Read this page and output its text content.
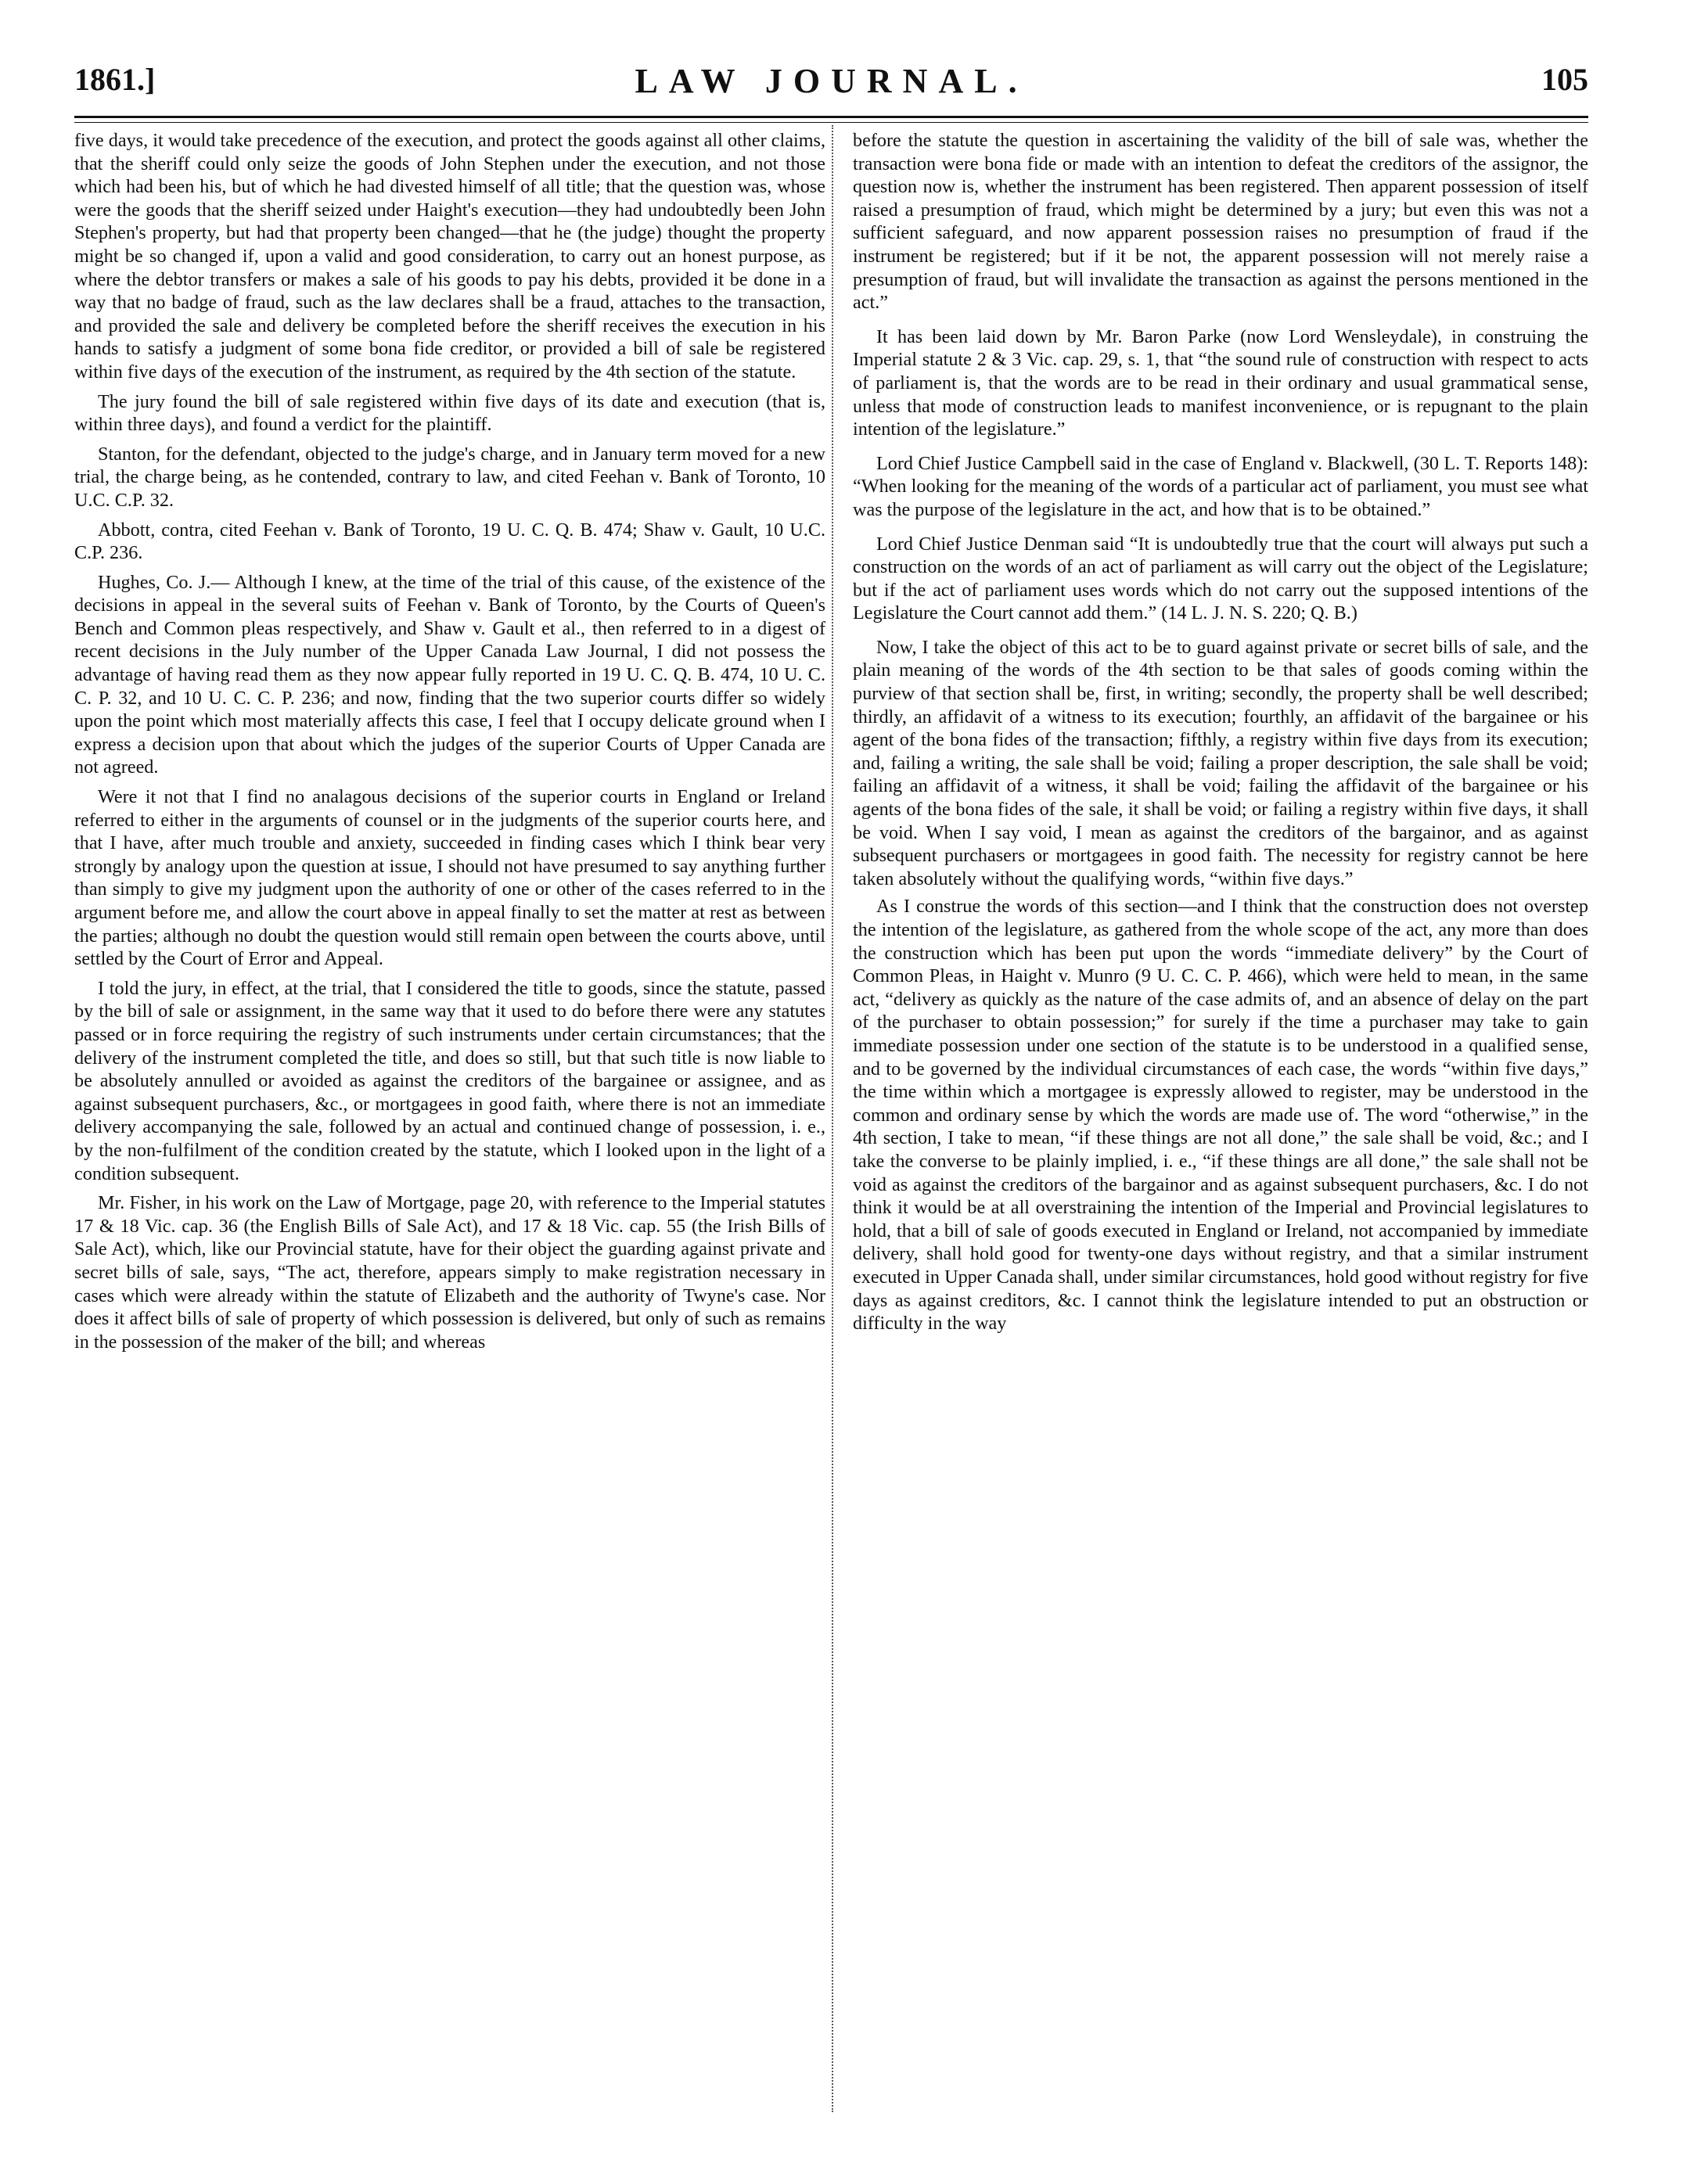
1861.]	LAW JOURNAL.	105

five days, it would take precedence of the execution, and protect the goods against all other claims, that the sheriff could only seize the goods of John Stephen under the execution, and not those which had been his, but of which he had divested himself of all title; that the question was, whose were the goods that the sheriff seized under Haight's execution—they had undoubtedly been John Stephen's property, but had that property been changed—that he (the judge) thought the property might be so changed if, upon a valid and good consideration, to carry out an honest purpose, as where the debtor transfers or makes a sale of his goods to pay his debts, provided it be done in a way that no badge of fraud, such as the law declares shall be a fraud, attaches to the transaction, and provided the sale and delivery be completed before the sheriff receives the execution in his hands to satisfy a judgment of some bona fide creditor, or provided a bill of sale be registered within five days of the execution of the instrument, as required by the 4th section of the statute.

The jury found the bill of sale registered within five days of its date and execution (that is, within three days), and found a verdict for the plaintiff.

Stanton, for the defendant, objected to the judge's charge, and in January term moved for a new trial, the charge being, as he contended, contrary to law, and cited Feehan v. Bank of Toronto, 10 U.C. C.P. 32.

Abbott, contra, cited Feehan v. Bank of Toronto, 19 U. C. Q. B. 474; Shaw v. Gault, 10 U.C. C.P. 236.

Hughes, Co. J.— Although I knew, at the time of the trial of this cause, of the existence of the decisions in appeal in the several suits of Feehan v. Bank of Toronto, by the Courts of Queen's Bench and Common pleas respectively, and Shaw v. Gault et al., then referred to in a digest of recent decisions in the July number of the Upper Canada Law Journal, I did not possess the advantage of having read them as they now appear fully reported in 19 U. C. Q. B. 474, 10 U. C. C. P. 32, and 10 U. C. C. P. 236; and now, finding that the two superior courts differ so widely upon the point which most materially affects this case, I feel that I occupy delicate ground when I express a decision upon that about which the judges of the superior Courts of Upper Canada are not agreed.

Were it not that I find no analagous decisions of the superior courts in England or Ireland referred to either in the arguments of counsel or in the judgments of the superior courts here, and that I have, after much trouble and anxiety, succeeded in finding cases which I think bear very strongly by analogy upon the question at issue, I should not have presumed to say anything further than simply to give my judgment upon the authority of one or other of the cases referred to in the argument before me, and allow the court above in appeal finally to set the matter at rest as between the parties; although no doubt the question would still remain open between the courts above, until settled by the Court of Error and Appeal.

I told the jury, in effect, at the trial, that I considered the title to goods, since the statute, passed by the bill of sale or assignment, in the same way that it used to do before there were any statutes passed or in force requiring the registry of such instruments under certain circumstances; that the delivery of the instrument completed the title, and does so still, but that such title is now liable to be absolutely annulled or avoided as against the creditors of the bargainee or assignee, and as against subsequent purchasers, &c., or mortgagees in good faith, where there is not an immediate delivery accompanying the sale, followed by an actual and continued change of possession, i. e., by the non-fulfilment of the condition created by the statute, which I looked upon in the light of a condition subsequent.

Mr. Fisher, in his work on the Law of Mortgage, page 20, with reference to the Imperial statutes 17 & 18 Vic. cap. 36 (the English Bills of Sale Act), and 17 & 18 Vic. cap. 55 (the Irish Bills of Sale Act), which, like our Provincial statute, have for their object the guarding against private and secret bills of sale, says, “The act, therefore, appears simply to make registration necessary in cases which were already within the statute of Elizabeth and the authority of Twyne's case. Nor does it affect bills of sale of property of which possession is delivered, but only of such as remains in the possession of the maker of the bill; and whereas

before the statute the question in ascertaining the validity of the bill of sale was, whether the transaction were bona fide or made with an intention to defeat the creditors of the assignor, the question now is, whether the instrument has been registered. Then apparent possession of itself raised a presumption of fraud, which might be determined by a jury; but even this was not a sufficient safeguard, and now apparent possession raises no presumption of fraud if the instrument be registered; but if it be not, the apparent possession will not merely raise a presumption of fraud, but will invalidate the transaction as against the persons mentioned in the act.”

It has been laid down by Mr. Baron Parke (now Lord Wensleydale), in construing the Imperial statute 2 & 3 Vic. cap. 29, s. 1, that “the sound rule of construction with respect to acts of parliament is, that the words are to be read in their ordinary and usual grammatical sense, unless that mode of construction leads to manifest inconvenience, or is repugnant to the plain intention of the legislature.”

Lord Chief Justice Campbell said in the case of England v. Blackwell, (30 L. T. Reports 148): “When looking for the meaning of the words of a particular act of parliament, you must see what was the purpose of the legislature in the act, and how that is to be obtained.”

Lord Chief Justice Denman said “It is undoubtedly true that the court will always put such a construction on the words of an act of parliament as will carry out the object of the Legislature; but if the act of parliament uses words which do not carry out the supposed intentions of the Legislature the Court cannot add them.” (14 L. J. N. S. 220; Q. B.)

Now, I take the object of this act to be to guard against private or secret bills of sale, and the plain meaning of the words of the 4th section to be that sales of goods coming within the purview of that section shall be, first, in writing; secondly, the property shall be well described; thirdly, an affidavit of a witness to its execution; fourthly, an affidavit of the bargainee or his agent of the bona fides of the transaction; fifthly, a registry within five days from its execution; and, failing a writing, the sale shall be void; failing a proper description, the sale shall be void; failing an affidavit of a witness, it shall be void; failing the affidavit of the bargainee or his agents of the bona fides of the sale, it shall be void; or failing a registry within five days, it shall be void. When I say void, I mean as against the creditors of the bargainor, and as against subsequent purchasers or mortgagees in good faith. The necessity for registry cannot be here taken absolutely without the qualifying words, “within five days.”

As I construe the words of this section—and I think that the construction does not overstep the intention of the legislature, as gathered from the whole scope of the act, any more than does the construction which has been put upon the words “immediate delivery” by the Court of Common Pleas, in Haight v. Munro (9 U. C. C. P. 466), which were held to mean, in the same act, “delivery as quickly as the nature of the case admits of, and an absence of delay on the part of the purchaser to obtain possession;” for surely if the time a purchaser may take to gain immediate possession under one section of the statute is to be understood in a qualified sense, and to be governed by the individual circumstances of each case, the words “within five days,” the time within which a mortgagee is expressly allowed to register, may be understood in the common and ordinary sense by which the words are made use of. The word “otherwise,” in the 4th section, I take to mean, “if these things are not all done,” the sale shall be void, &c.; and I take the converse to be plainly implied, i. e., “if these things are all done,” the sale shall not be void as against the creditors of the bargainor and as against subsequent purchasers, &c. I do not think it would be at all overstraining the intention of the Imperial and Provincial legislatures to hold, that a bill of sale of goods executed in England or Ireland, not accompanied by immediate delivery, shall hold good for twenty-one days without registry, and that a similar instrument executed in Upper Canada shall, under similar circumstances, hold good without registry for five days as against creditors, &c. I cannot think the legislature intended to put an obstruction or difficulty in the way
